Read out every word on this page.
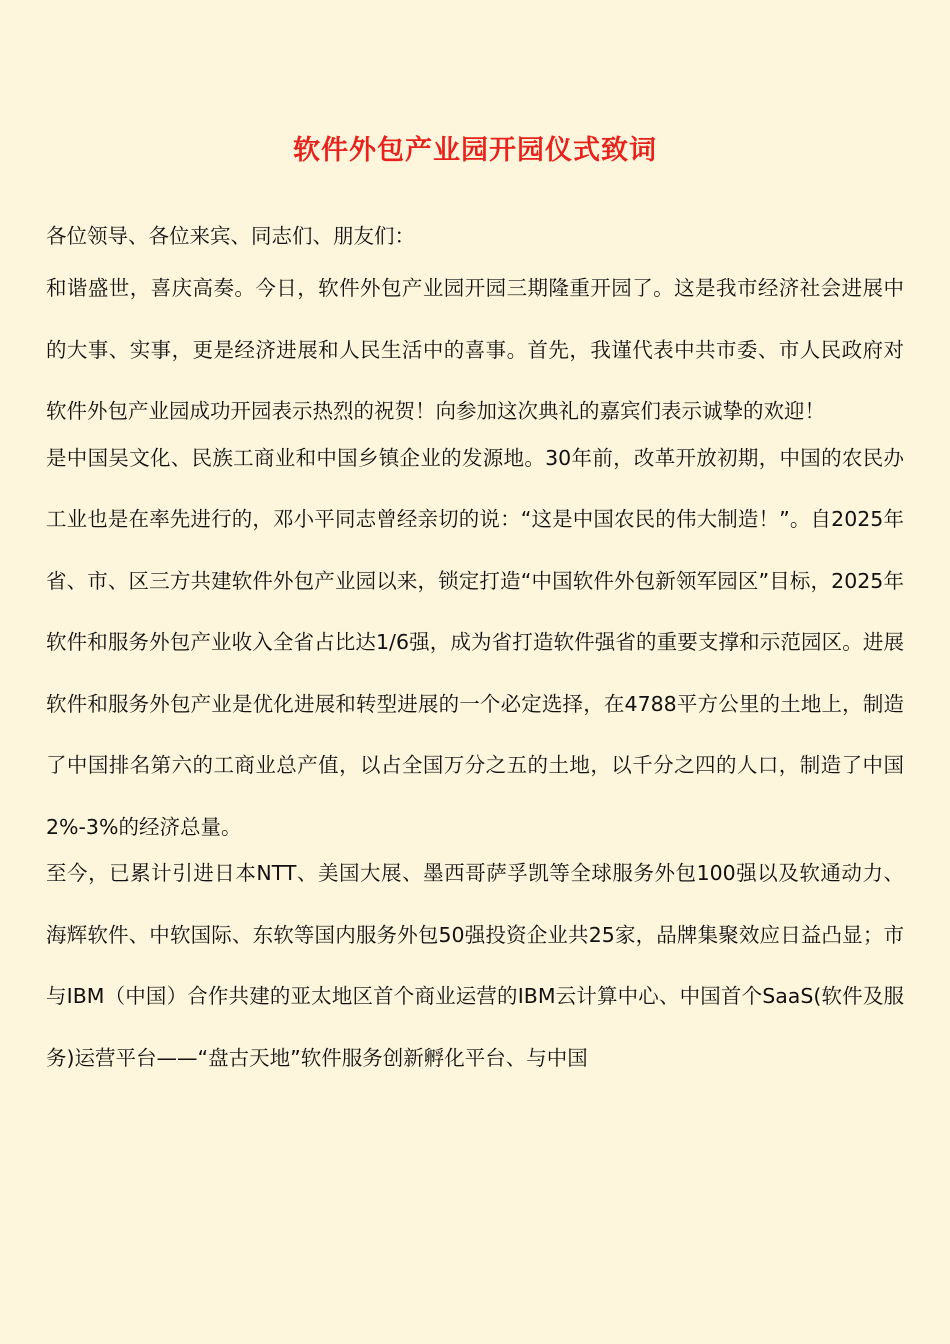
软件外包产业园开园仪式致词

各位领导、各位来宾、同志们、朋友们：

和谐盛世，喜庆高奏。今日，软件外包产业园开园三期隆重开园了。这是我市经济社会进展中的大事、实事，更是经济进展和人民生活中的喜事。首先，我谨代表中共市委、市人民政府对软件外包产业园成功开园表示热烈的祝贺！向参加这次典礼的嘉宾们表示诚挚的欢迎！

是中国吴文化、民族工商业和中国乡镇企业的发源地。30年前，改革开放初期，中国的农民办工业也是在率先进行的，邓小平同志曾经亲切的说：“这是中国农民的伟大制造！”。自2025年省、市、区三方共建软件外包产业园以来，锁定打造“中国软件外包新领军园区”目标，2025年软件和服务外包产业收入全省占比达1/6强，成为省打造软件强省的重要支撑和示范园区。进展软件和服务外包产业是优化进展和转型进展的一个必定选择，在4788平方公里的土地上，制造了中国排名第六的工商业总产值，以占全国万分之五的土地，以千分之四的人口，制造了中国2%-3%的经济总量。

至今，已累计引进日本NTT、美国大展、墨西哥萨孚凯等全球服务外包100强以及软通动力、海辉软件、中软国际、东软等国内服务外包50强投资企业共25家，品牌集聚效应日益凸显；市与IBM（中国）合作共建的亚太地区首个商业运营的IBM云计算中心、中国首个SaaS(软件及服务)运营平台——“盘古天地”软件服务创新孵化平台、与中国
